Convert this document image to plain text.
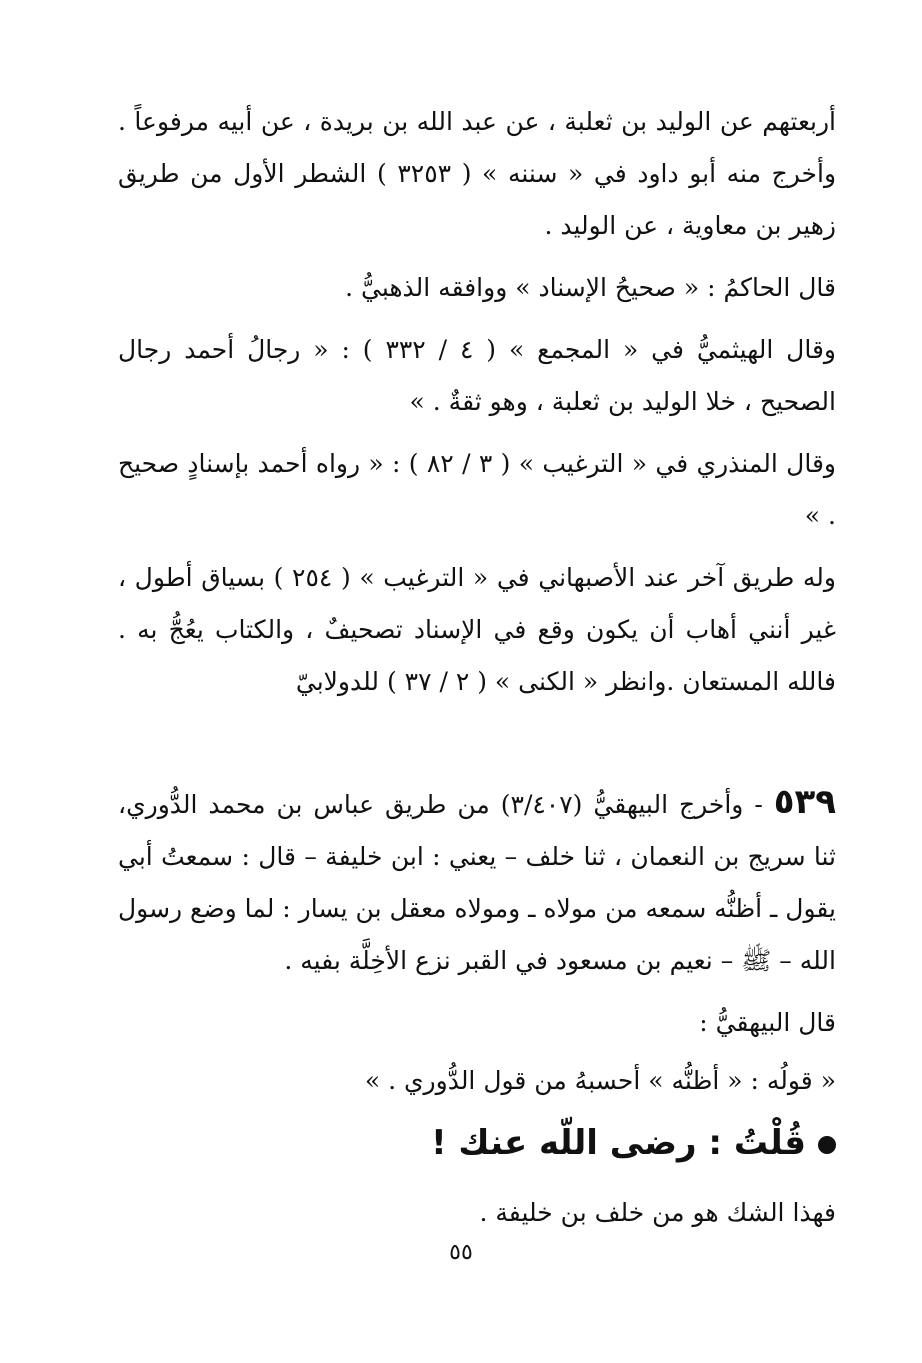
أربعتهم عن الوليد بن ثعلبة ، عن عبد الله بن بريدة ، عن أبيه مرفوعاً . وأخرج منه أبو داود في « سننه » ( ٣٢٥٣ ) الشطر الأول من طريق زهير بن معاوية ، عن الوليد .

قال الحاكمُ : « صحيحُ الإسناد » ووافقه الذهبيُّ .

وقال الهيثميُّ في « المجمع » ( ٤ / ٣٣٢ ) : « رجالُ أحمد رجال الصحيح ، خلا الوليد بن ثعلبة ، وهو ثقةٌ . »

وقال المنذري في « الترغيب » ( ٣ / ٨٢ ) : « رواه أحمد بإسنادٍ صحيح . »

وله طريق آخر عند الأصبهاني في « الترغيب » ( ٢٥٤ ) بسياق أطول ، غير أنني أهاب أن يكون وقع في الإسناد تصحيفٌ ، والكتاب يعُجُّ به . فالله المستعان .وانظر « الكنى » ( ٢ / ٣٧ ) للدولابيّ

٥٣٩ - وأخرج البيهقيُّ (٣/٤٠٧) من طريق عباس بن محمد الدُّوري، ثنا سريج بن النعمان ، ثنا خلف – يعني : ابن خليفة – قال : سمعتُ أبي يقول ـ أظنُّه سمعه من مولاه ـ ومولاه معقل بن يسار : لما وضع رسول الله – ﷺ – نعيم بن مسعود في القبر نزع الأخِلَّة بفيه .

قال البيهقيُّ :

« قولُه : « أظنُّه » أحسبهُ من قول الدُّوري . »

قُلْتُ : رضى اللّه عنك !

فهذا الشك هو من خلف بن خليفة .

٥٥
